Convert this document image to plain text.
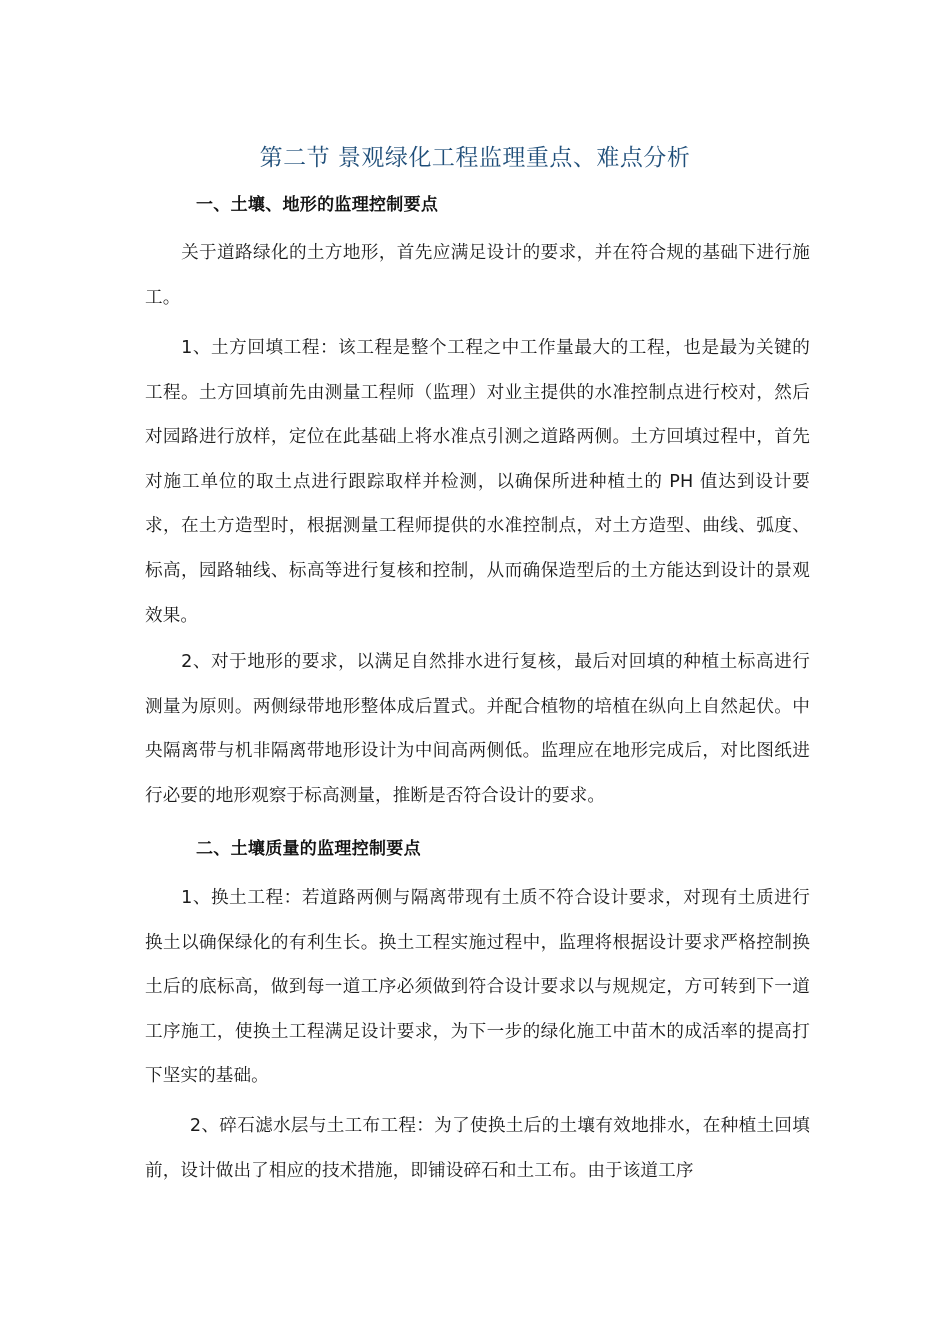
第二节 景观绿化工程监理重点、难点分析
一、土壤、地形的监理控制要点

关于道路绿化的土方地形，首先应满足设计的要求，并在符合规的基础下进行施工。

1、土方回填工程：该工程是整个工程之中工作量最大的工程，也是最为关键的工程。土方回填前先由测量工程师（监理）对业主提供的水准控制点进行校对，然后对园路进行放样，定位在此基础上将水准点引测之道路两侧。土方回填过程中，首先对施工单位的取土点进行跟踪取样并检测，以确保所进种植土的 PH 值达到设计要求，在土方造型时，根据测量工程师提供的水准控制点，对土方造型、曲线、弧度、标高，园路轴线、标高等进行复核和控制，从而确保造型后的土方能达到设计的景观效果。

2、对于地形的要求，以满足自然排水进行复核，最后对回填的种植土标高进行测量为原则。两侧绿带地形整体成后置式。并配合植物的培植在纵向上自然起伏。中央隔离带与机非隔离带地形设计为中间高两侧低。监理应在地形完成后，对比图纸进行必要的地形观察于标高测量，推断是否符合设计的要求。

二、土壤质量的监理控制要点

1、换土工程：若道路两侧与隔离带现有土质不符合设计要求，对现有土质进行换土以确保绿化的有利生长。换土工程实施过程中，监理将根据设计要求严格控制换土后的底标高，做到每一道工序必须做到符合设计要求以与规规定，方可转到下一道工序施工，使换土工程满足设计要求，为下一步的绿化施工中苗木的成活率的提高打下坚实的基础。

2、碎石滤水层与土工布工程：为了使换土后的土壤有效地排水，在种植土回填前，设计做出了相应的技术措施，即铺设碎石和土工布。由于该道工序
